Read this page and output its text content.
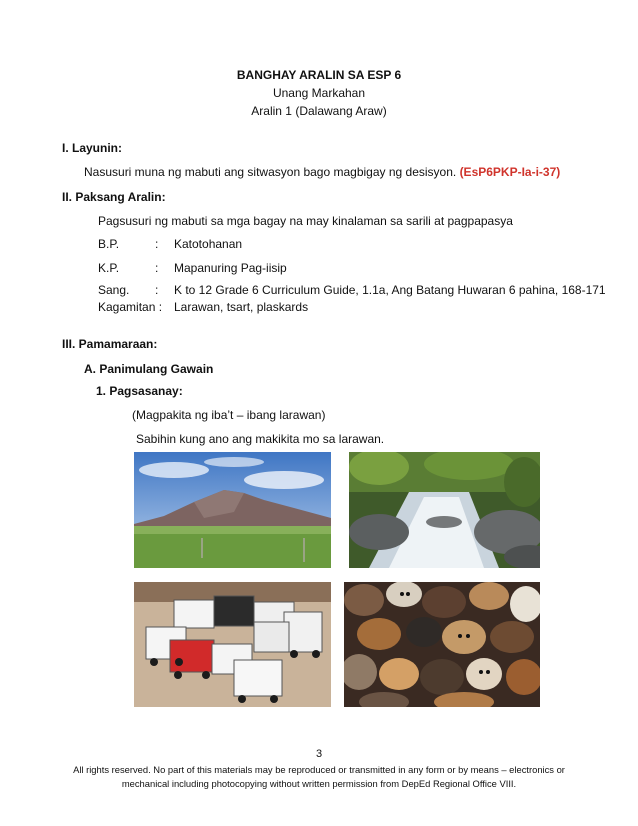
BANGHAY ARALIN SA ESP 6
Unang Markahan
Aralin 1 (Dalawang Araw)
I. Layunin:
Nasusuri muna ng mabuti ang sitwasyon bago magbigay ng desisyon. (EsP6PKP-Ia-i-37)
II. Paksang Aralin:
Pagsusuri ng mabuti sa mga bagay na may kinalaman sa sarili at pagpapasya
B.P.	: Katotohanan
K.P.	: Mapanuring Pag-iisip
Sang. : K to 12 Grade 6 Curriculum Guide, 1.1a, Ang Batang Huwaran 6 pahina, 168-171
Kagamitan : Larawan, tsart, plaskards
III. Pamamaraan:
A. Panimulang Gawain
1. Pagsasanay:
(Magpakita ng iba’t – ibang larawan)
Sabihin kung ano ang makikita mo sa larawan.
3
All rights reserved. No part of this materials may be reproduced or transmitted in any form or by means – electronics or
mechanical including photocopying without written permission from DepEd Regional Office VIII.
